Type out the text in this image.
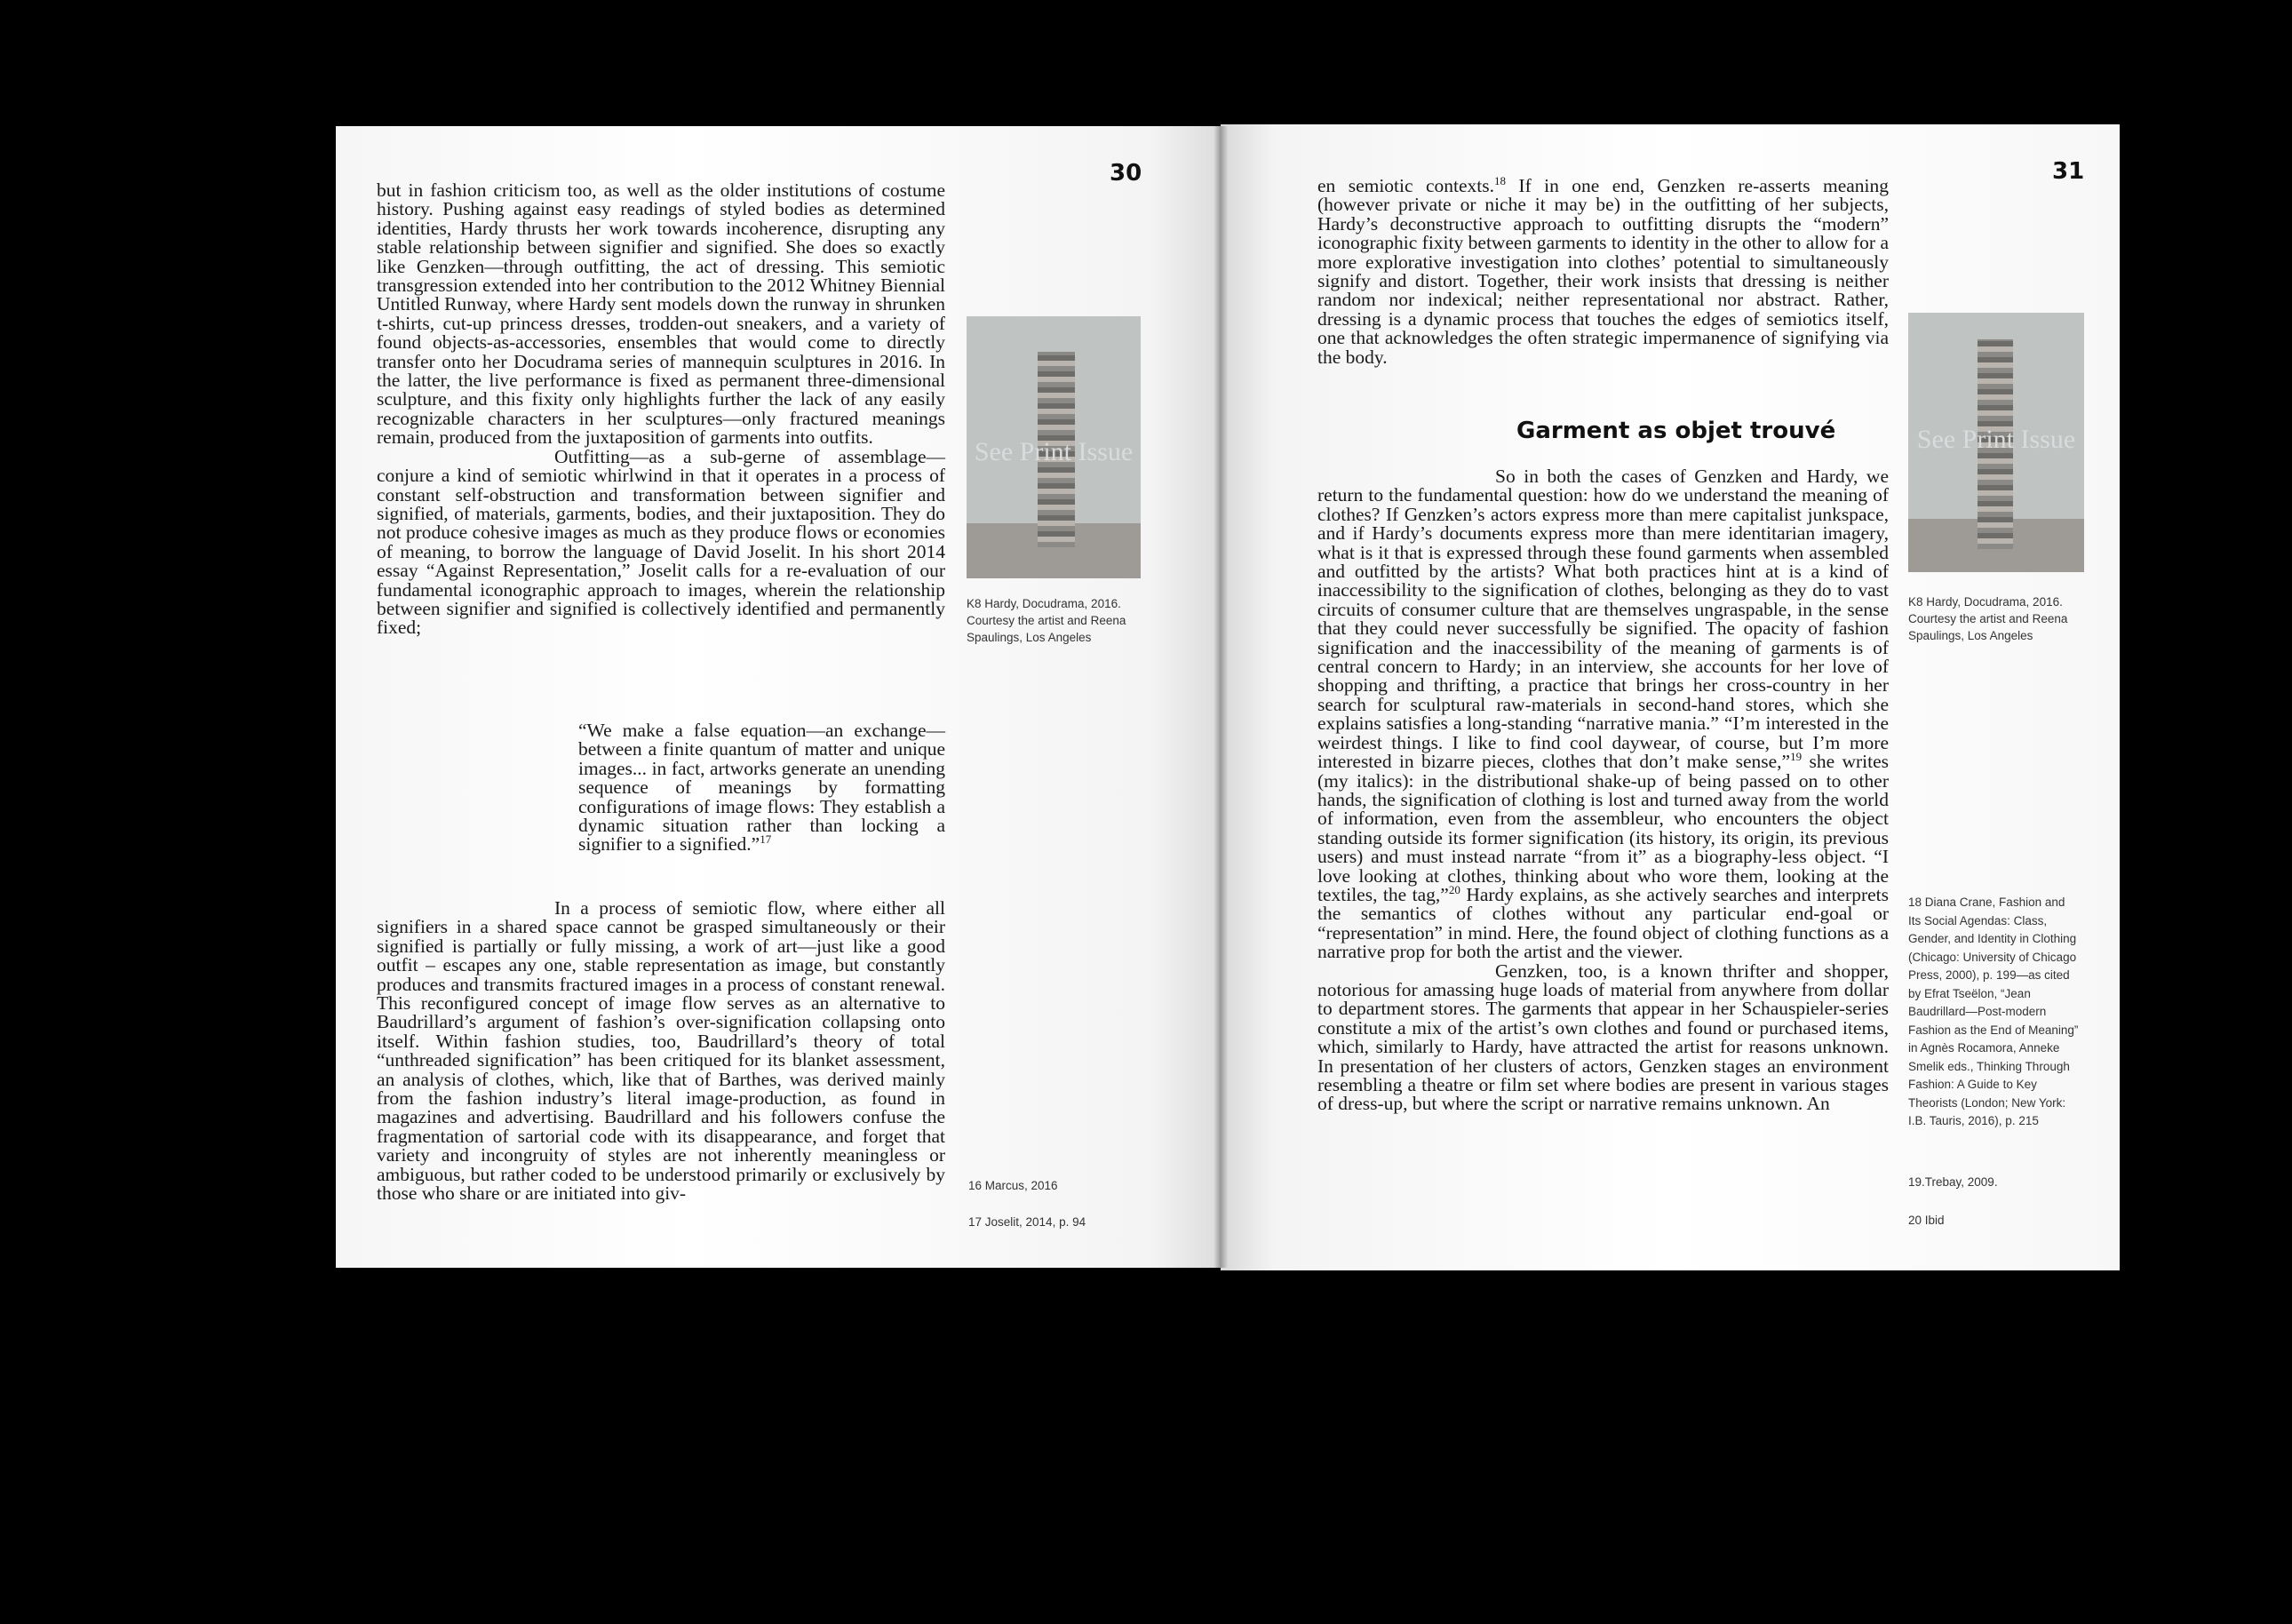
30

but in fashion criticism too, as well as the older institutions of costume history. Pushing against easy readings of styled bodies as determined identities, Hardy thrusts her work towards incoherence, disrupting any stable relationship between signifier and signified. She does so exactly like Genzken—through outfitting, the act of dressing. This semiotic transgression extended into her contribution to the 2012 Whitney Biennial Untitled Runway, where Hardy sent models down the runway in shrunken t-shirts, cut-up princess dresses, trodden-out sneakers, and a variety of found objects-as-accessories, ensembles that would come to directly transfer onto her Docudrama series of mannequin sculptures in 2016. In the latter, the live performance is fixed as permanent three-dimensional sculpture, and this fixity only highlights further the lack of any easily recognizable characters in her sculptures—only fractured meanings remain, produced from the juxtaposition of garments into outfits.

Outfitting—as a sub-gerne of assemblage—conjure a kind of semiotic whirlwind in that it operates in a process of constant self-obstruction and transformation between signifier and signified, of materials, garments, bodies, and their juxtaposition. They do not produce cohesive images as much as they produce flows or economies of meaning, to borrow the language of David Joselit. In his short 2014 essay “Against Representation,” Joselit calls for a re-evaluation of our fundamental iconographic approach to images, wherein the relationship between signifier and signified is collectively identified and permanently fixed;

“We make a false equation—an exchange—between a finite quantum of matter and unique images... in fact, artworks generate an unending sequence of meanings by formatting configurations of image flows: They establish a dynamic situation rather than locking a signifier to a signified.”$^{17}$

In a process of semiotic flow, where either all signifiers in a shared space cannot be grasped simultaneously or their signified is partially or fully missing, a work of art—just like a good outfit – escapes any one, stable representation as image, but constantly produces and transmits fractured images in a process of constant renewal. This reconfigured concept of image flow serves as an alternative to Baudrillard’s argument of fashion’s over-signification collapsing onto itself. Within fashion studies, too, Baudrillard’s theory of total “unthreaded signification” has been critiqued for its blanket assessment, an analysis of clothes, which, like that of Barthes, was derived mainly from the fashion industry’s literal image-production, as found in magazines and advertising. Baudrillard and his followers confuse the fragmentation of sartorial code with its disappearance, and forget that variety and incongruity of styles are not inherently meaningless or ambiguous, but rather coded to be understood primarily or exclusively by those who share or are initiated into giv-

See Print Issue
K8 Hardy, Docudrama, 2016.
Courtesy the artist and Reena
Spaulings, Los Angeles
16 Marcus, 2016
17 Joselit, 2014, p. 94
31

en semiotic contexts.$^{18}$ If in one end, Genzken re-asserts meaning (however private or niche it may be) in the outfitting of her subjects, Hardy’s deconstructive approach to outfitting disrupts the “modern” iconographic fixity between garments to identity in the other to allow for a more explorative investigation into clothes’ potential to simultaneously signify and distort. Together, their work insists that dressing is neither random nor indexical; neither representational nor abstract. Rather, dressing is a dynamic process that touches the edges of semiotics itself, one that acknowledges the often strategic impermanence of signifying via the body.

Garment as objet trouvé

So in both the cases of Genzken and Hardy, we return to the fundamental question: how do we understand the meaning of clothes? If Genzken’s actors express more than mere capitalist junkspace, and if Hardy’s documents express more than mere identitarian imagery, what is it that is expressed through these found garments when assembled and outfitted by the artists? What both practices hint at is a kind of inaccessibility to the signification of clothes, belonging as they do to vast circuits of consumer culture that are themselves ungraspable, in the sense that they could never successfully be signified. The opacity of fashion signification and the inaccessibility of the meaning of garments is of central concern to Hardy; in an interview, she accounts for her love of shopping and thrifting, a practice that brings her cross-country in her search for sculptural raw-materials in second-hand stores, which she explains satisfies a long-standing “narrative mania.” “I’m interested in the weirdest things. I like to find cool daywear, of course, but I’m more interested in bizarre pieces, clothes that don’t make sense,”$^{19}$ she writes (my italics): in the distributional shake-up of being passed on to other hands, the signification of clothing is lost and turned away from the world of information, even from the assembleur, who encounters the object standing outside its former signification (its history, its origin, its previous users) and must instead narrate “from it” as a biography-less object. “I love looking at clothes, thinking about who wore them, looking at the textiles, the tag,”$^{20}$ Hardy explains, as she actively searches and interprets the semantics of clothes without any particular end-goal or “representation” in mind. Here, the found object of clothing functions as a narrative prop for both the artist and the viewer.

Genzken, too, is a known thrifter and shopper, notorious for amassing huge loads of material from anywhere from dollar to department stores. The garments that appear in her Schauspieler-series constitute a mix of the artist’s own clothes and found or purchased items, which, similarly to Hardy, have attracted the artist for reasons unknown. In presentation of her clusters of actors, Genzken stages an environment resembling a theatre or film set where bodies are present in various stages of dress-up, but where the script or narrative remains unknown. An

See Print Issue
K8 Hardy, Docudrama, 2016.
Courtesy the artist and Reena
Spaulings, Los Angeles
18 Diana Crane, Fashion and Its Social Agendas: Class, Gender, and Identity in Clothing (Chicago: University of Chicago Press, 2000), p. 199—as cited by Efrat Tseëlon, “Jean Baudrillard—Post-modern Fashion as the End of Meaning” in Agnès Rocamora, Anneke Smelik eds., Thinking Through Fashion: A Guide to Key Theorists (London; New York: I.B. Tauris, 2016), p. 215
19.Trebay, 2009.
20 Ibid
